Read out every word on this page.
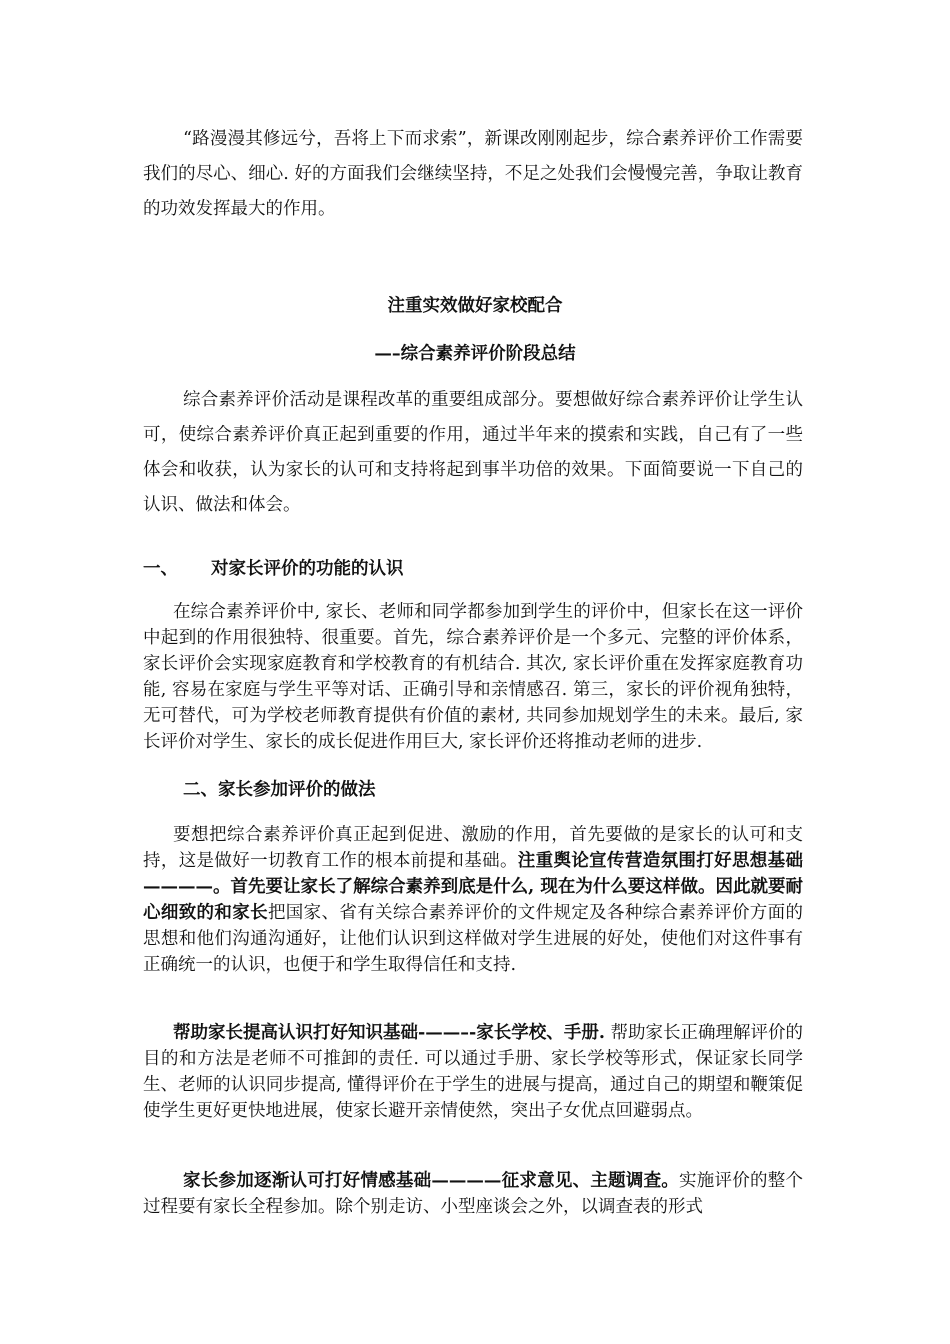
“路漫漫其修远兮，吾将上下而求索”，新课改刚刚起步，综合素养评价工作需要我们的尽心、细心. 好的方面我们会继续坚持，不足之处我们会慢慢完善，争取让教育的功效发挥最大的作用。

注重实效做好家校配合
—–综合素养评价阶段总结

综合素养评价活动是课程改革的重要组成部分。要想做好综合素养评价让学生认可，使综合素养评价真正起到重要的作用，通过半年来的摸索和实践，自己有了一些体会和收获，认为家长的认可和支持将起到事半功倍的效果。下面简要说一下自己的认识、做法和体会。

一、 对家长评价的功能的认识

在综合素养评价中, 家长、老师和同学都参加到学生的评价中，但家长在这一评价中起到的作用很独特、很重要。首先，综合素养评价是一个多元、完整的评价体系，家长评价会实现家庭教育和学校教育的有机结合. 其次, 家长评价重在发挥家庭教育功能, 容易在家庭与学生平等对话、正确引导和亲情感召. 第三，家长的评价视角独特，无可替代，可为学校老师教育提供有价值的素材, 共同参加规划学生的未来。最后, 家长评价对学生、家长的成长促进作用巨大, 家长评价还将推动老师的进步.

二、家长参加评价的做法

要想把综合素养评价真正起到促进、激励的作用，首先要做的是家长的认可和支持，这是做好一切教育工作的根本前提和基础。注重舆论宣传营造氛围打好思想基础————。首先要让家长了解综合素养到底是什么, 现在为什么要这样做。因此就要耐心细致的和家长把国家、省有关综合素养评价的文件规定及各种综合素养评价方面的思想和他们沟通沟通好，让他们认识到这样做对学生进展的好处，使他们对这件事有正确统一的认识，也便于和学生取得信任和支持.

帮助家长提高认识打好知识基础-——–-家长学校、手册. 帮助家长正确理解评价的目的和方法是老师不可推卸的责任. 可以通过手册、家长学校等形式，保证家长同学生、老师的认识同步提高, 懂得评价在于学生的进展与提高，通过自己的期望和鞭策促使学生更好更快地进展，使家长避开亲情使然，突出子女优点回避弱点。

家长参加逐渐认可打好情感基础————征求意见、主题调查。实施评价的整个过程要有家长全程参加。除个别走访、小型座谈会之外，以调查表的形式
